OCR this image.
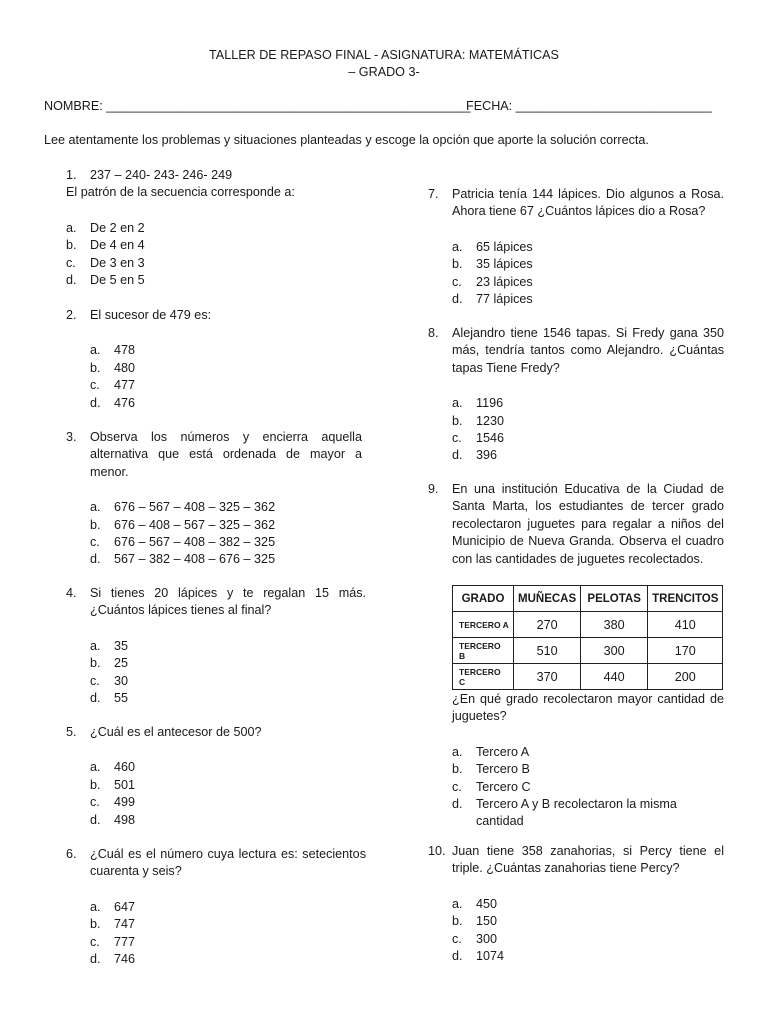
TALLER DE REPASO FINAL - ASIGNATURA: MATEMÁTICAS
– GRADO 3-
NOMBRE: ____________________________________________________
FECHA: ____________________________
Lee atentamente los problemas y situaciones planteadas y escoge la opción que aporte la solución correcta.
1.	237 – 240- 243- 246- 249
El patrón de la secuencia corresponde a:
a.	De 2 en 2
b.	De 4 en 4
c.	De 3 en 3
d.	De 5 en 5
2.	El sucesor de 479 es:
a.	478
b.	480
c.	477
d.	476
3.	Observa los números y encierra aquella alternativa que está ordenada de mayor a menor.
a.	676 – 567 – 408 – 325 – 362
b.	676 – 408 – 567 – 325 – 362
c.	676 – 567 – 408 – 382 – 325
d.	567 – 382 – 408 – 676 – 325
4.	Si tienes 20 lápices y te regalan 15 más. ¿Cuántos lápices tienes al final?
a.	35
b.	25
c.	30
d.	55
5.	¿Cuál es el antecesor de 500?
a.	460
b.	501
c.	499
d.	498
6.	¿Cuál es el número cuya lectura es: setecientos cuarenta y seis?
a.	647
b.	747
c.	777
d.	746
7.	Patricia tenía 144 lápices. Dio algunos a Rosa. Ahora tiene 67 ¿Cuántos lápices dio a Rosa?
a.	65 lápices
b.	35 lápices
c.	23 lápices
d.	77 lápices
8.	Alejandro tiene 1546 tapas. Si Fredy gana 350 más, tendría tantos como Alejandro. ¿Cuántas tapas Tiene Fredy?
a.	1196
b.	1230
c.	1546
d.	396
9.	En una institución Educativa de la Ciudad de Santa Marta, los estudiantes de tercer grado recolectaron juguetes para regalar a niños del Municipio de Nueva Granda. Observa el cuadro con las cantidades de juguetes recolectados.
¿En qué grado recolectaron mayor cantidad de juguetes?
a.	Tercero A
b.	Tercero B
c.	Tercero C
d.	Tercero A y B recolectaron la misma cantidad
10. Juan tiene 358 zanahorias, si Percy tiene el triple. ¿Cuántas zanahorias tiene Percy?
a.	450
b.	150
c.	300
d.	1074
GRADO	MUÑECAS	PELOTAS	TRENCITOS
TERCERO A	270	380	410
TERCERO B	510	300	170
TERCERO C	370	440	200
